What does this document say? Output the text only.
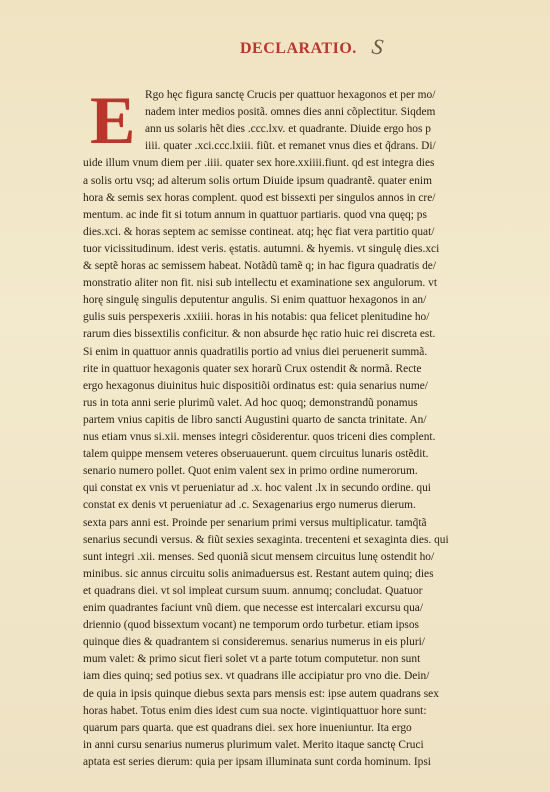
DECLARATIO. S
E Rgo hęc figura sanctę Crucis per quattuor hexagonos et per mo/
nadem inter medios positã. omnes dies anni cõplectitur. Siqdem
ann us solaris hẽt dies .ccc.lxv. et quadrante. Diuide ergo hos p
iiii. quater .xci.ccc.lxiii. fiũt. et remanet vnus dies et q̃drans. Di/
uide illum vnum diem per .iiii. quater sex hore.xxiiii.fiunt. qd est integra dies
a solis ortu vsq; ad alterum solis ortum Diuide ipsum quadrantẽ. quater enim
hora & semis sex horas complent. quod est bissexti per singulos annos in cre/
mentum. ac inde fit si totum annum in quattuor partiaris. quod vna quęq; ps
dies.xci. & horas septem ac semisse contineat. atq; hęc fiat vera partitio quat/
tuor vicissitudinum. idest veris. ęstatis. autumni. & hyemis. vt singulę dies.xci
& septẽ horas ac semissem habeat. Notãdũ tamẽ q; in hac figura quadratis de/
monstratio aliter non fit. nisi sub intellectu et examinatione sex angulorum. vt
horę singulę singulis deputentur angulis. Si enim quattuor hexagonos in an/
gulis suis perspexeris .xxiiii. horas in his notabis: qua felicet plenitudine ho/
rarum dies bissextilis conficitur. & non absurde hęc ratio huic rei discreta est.
Si enim in quattuor annis quadratilis portio ad vnius diei peruenerit summã.
rite in quattuor hexagonis quater sex horarũ Crux ostendit & normã. Recte
ergo hexagonus diuinitus huic dispositiõi ordinatus est: quia senarius nume/
rus in tota anni serie plurimũ valet. Ad hoc quoq; demonstrandũ ponamus
partem vnius capitis de libro sancti Augustini quarto de sancta trinitate. An/
nus etiam vnus si.xii. menses integri cõsiderentur. quos triceni dies complent.
talem quippe mensem veteres obseruauerunt. quem circuitus lunaris ostẽdit.
senario numero pollet. Quot enim valent sex in primo ordine numerorum.
qui constat ex vnis vt perueniatur ad .x. hoc valent .lx in secundo ordine. qui
constat ex denis vt perueniatur ad .c. Sexagenarius ergo numerus dierum.
sexta pars anni est. Proinde per senarium primi versus multiplicatur. tamq̃tã
senarius secundi versus. & fiũt sexies sexaginta. trecenteni et sexaginta dies. qui
sunt integri .xii. menses. Sed quoniã sicut mensem circuitus lunę ostendit ho/
minibus. sic annus circuitu solis animaduersus est. Restant autem quinq; dies
et quadrans diei. vt sol impleat cursum suum. annumq; concludat. Quatuor
enim quadrantes faciunt vnũ diem. que necesse est intercalari excursu qua/
driennio (quod bissextum vocant) ne temporum ordo turbetur. etiam ipsos
quinque dies & quadrantem si consideremus. senarius numerus in eis pluri/
mum valet: & primo sicut fieri solet vt a parte totum computetur. non sunt
iam dies quinq; sed potius sex. vt quadrans ille accipiatur pro vno die. Dein/
de quia in ipsis quinque diebus sexta pars mensis est: ipse autem quadrans sex
horas habet. Totus enim dies idest cum sua nocte. vigintiquattuor hore sunt:
quarum pars quarta. que est quadrans diei. sex hore inueniuntur. Ita ergo
in anni cursu senarius numerus plurimum valet. Merito itaque sanctę Cruci
aptata est series dierum: quia per ipsam illuminata sunt corda hominum. Ipsi
